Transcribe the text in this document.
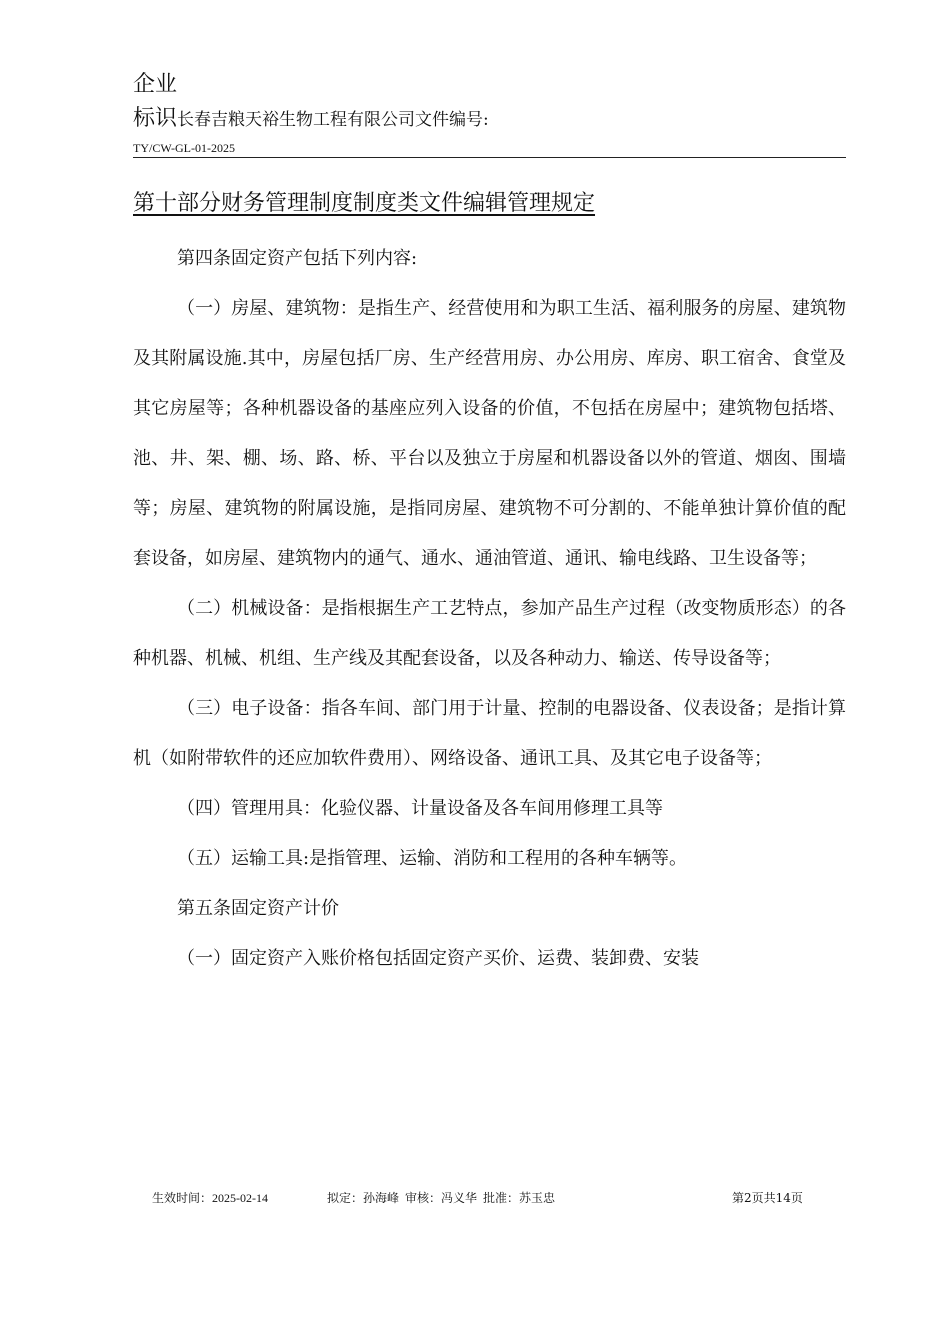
企业
标识长春吉粮天裕生物工程有限公司文件编号:
TY/CW-GL-01-2025
第十部分财务管理制度制度类文件编辑管理规定

第四条固定资产包括下列内容:

（一）房屋、建筑物：是指生产、经营使用和为职工生活、福利服务的房屋、建筑物及其附属设施.其中，房屋包括厂房、生产经营用房、办公用房、库房、职工宿舍、食堂及其它房屋等；各种机器设备的基座应列入设备的价值，不包括在房屋中；建筑物包括塔、池、井、架、棚、场、路、桥、平台以及独立于房屋和机器设备以外的管道、烟囱、围墙等；房屋、建筑物的附属设施，是指同房屋、建筑物不可分割的、不能单独计算价值的配套设备，如房屋、建筑物内的通气、通水、通油管道、通讯、输电线路、卫生设备等；

（二）机械设备：是指根据生产工艺特点，参加产品生产过程（改变物质形态）的各种机器、机械、机组、生产线及其配套设备，以及各种动力、输送、传导设备等；

（三）电子设备：指各车间、部门用于计量、控制的电器设备、仪表设备；是指计算机（如附带软件的还应加软件费用）、网络设备、通讯工具、及其它电子设备等；

（四）管理用具：化验仪器、计量设备及各车间用修理工具等

（五）运输工具:是指管理、运输、消防和工程用的各种车辆等。

第五条固定资产计价

（一）固定资产入账价格包括固定资产买价、运费、装卸费、安装

生效时间：2025-02-14	拟定：孙海峰 审核：冯义华 批准：苏玉忠	第2页共14页
